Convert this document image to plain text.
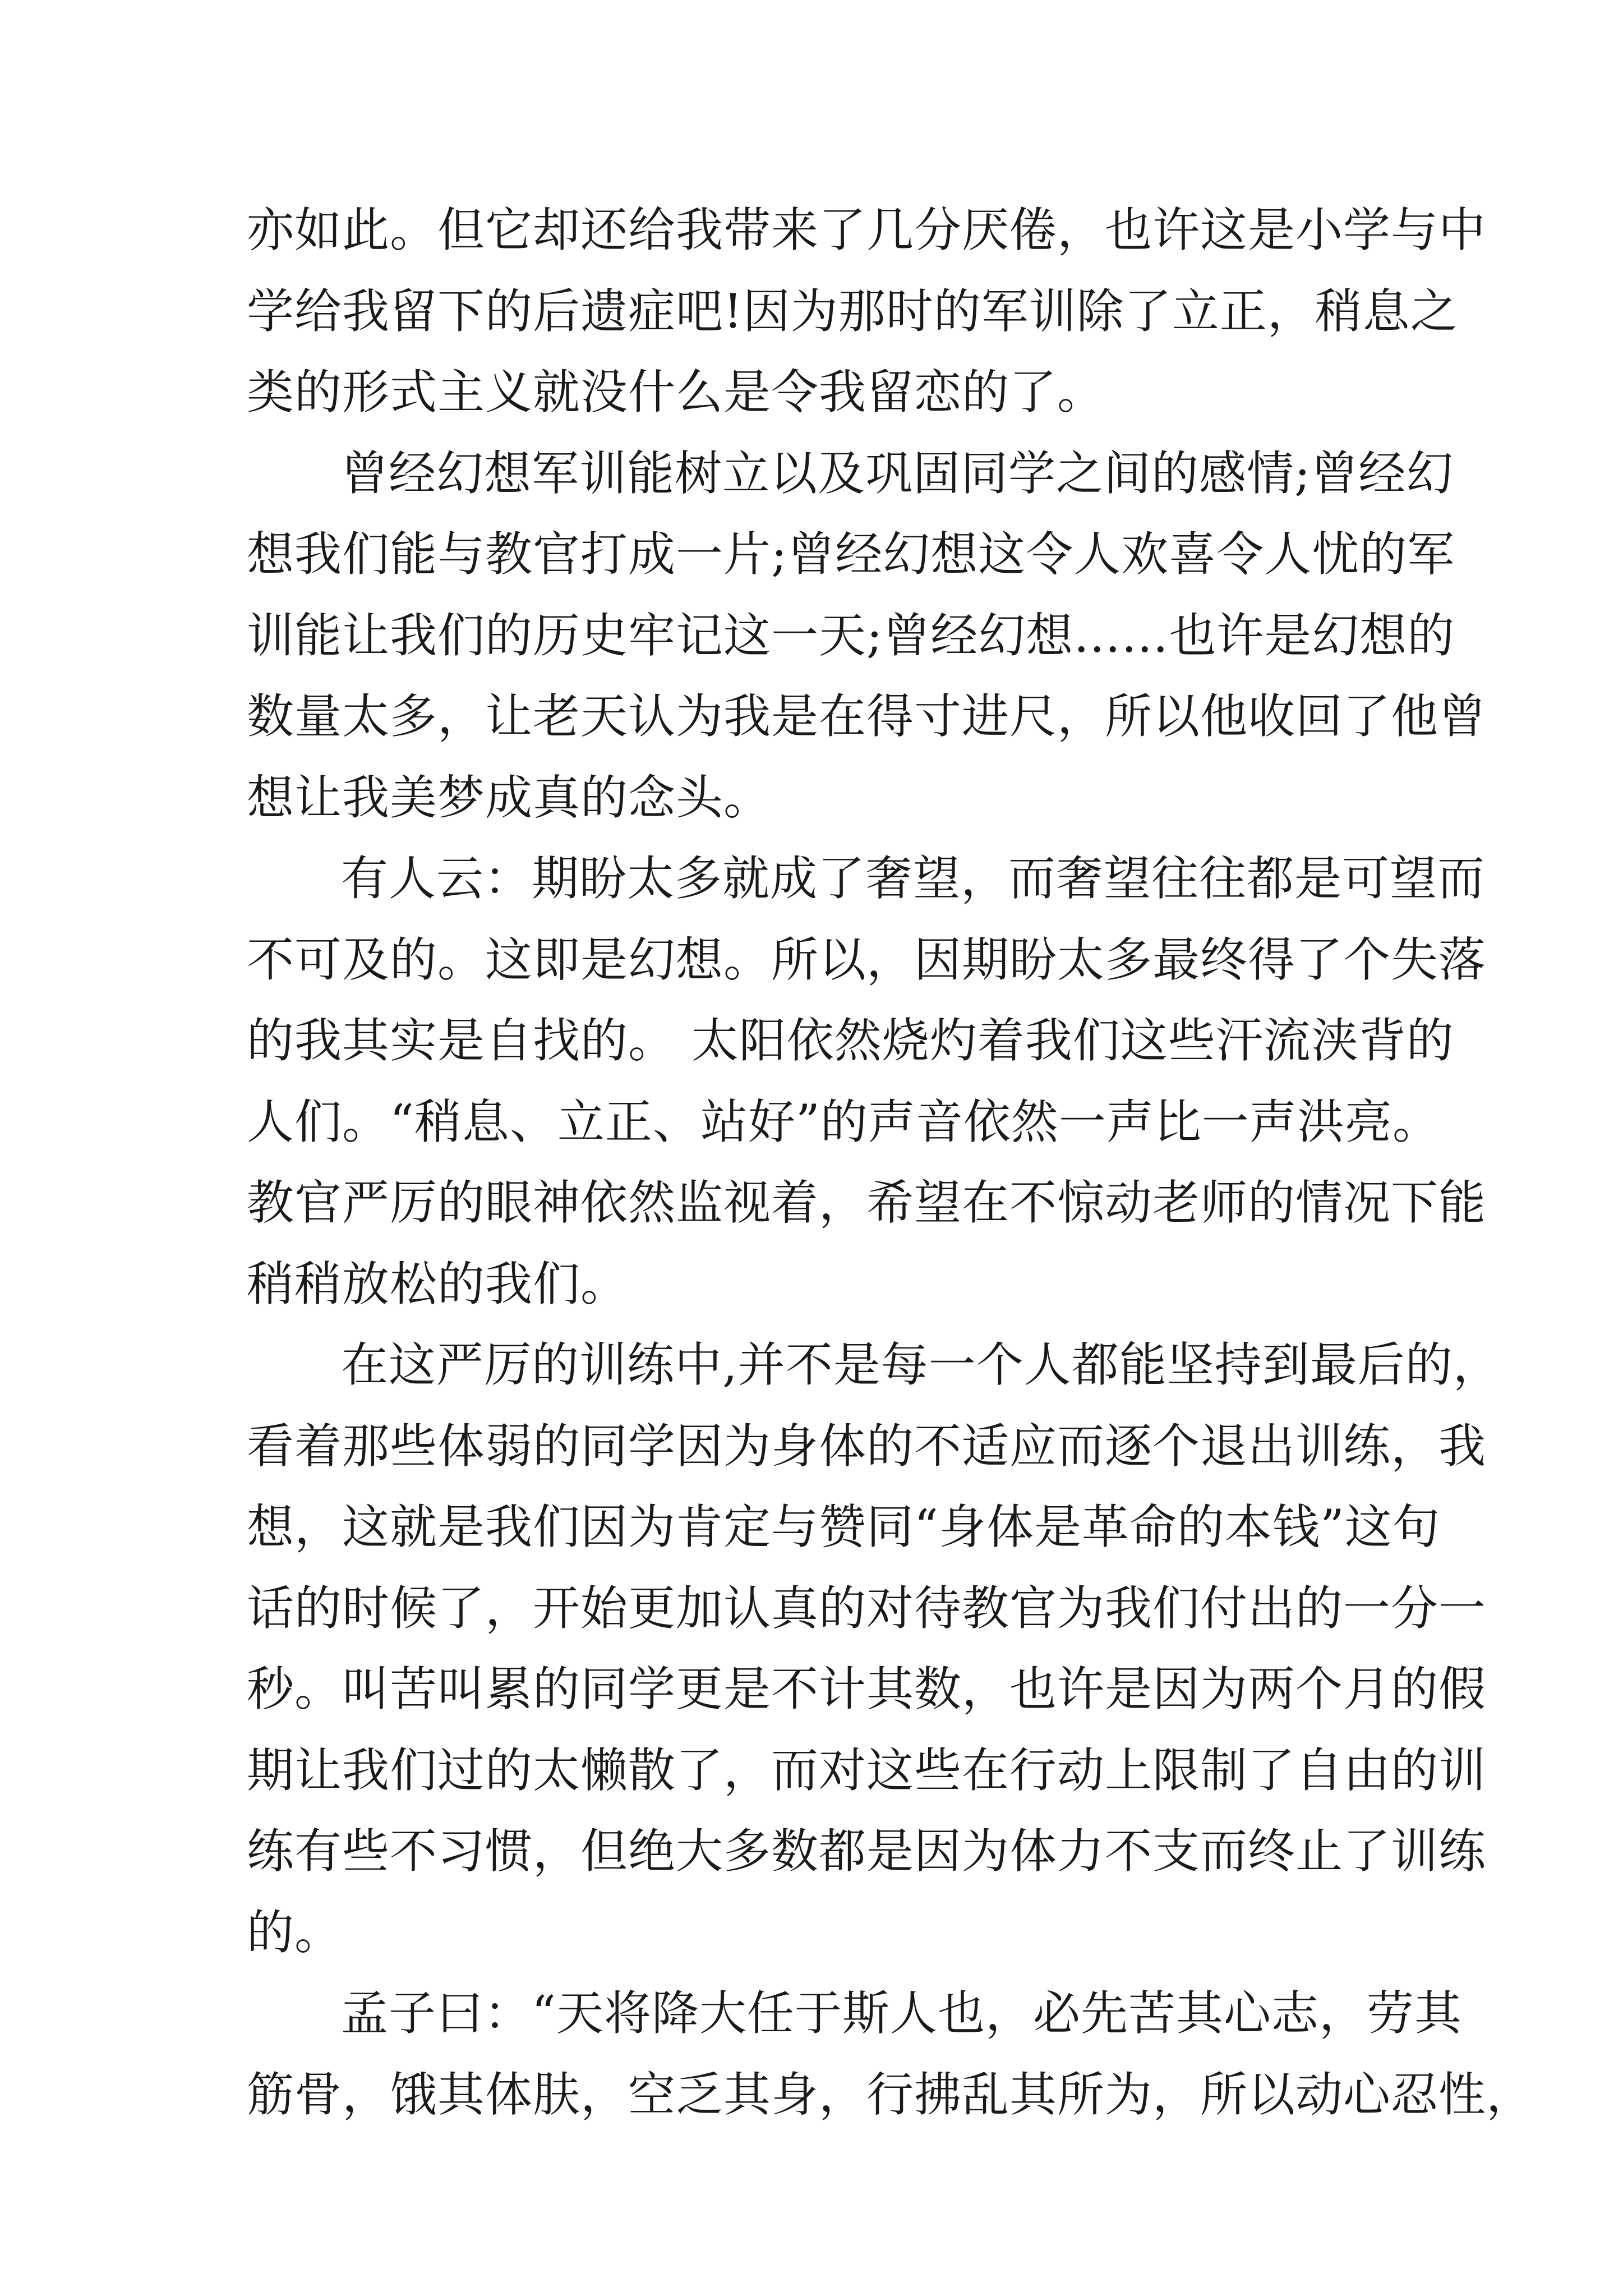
亦如此。但它却还给我带来了几分厌倦，也许这是小学与中
学给我留下的后遗症吧!因为那时的军训除了立正，稍息之
类的形式主义就没什么是令我留恋的了。

曾经幻想军训能树立以及巩固同学之间的感情;曾经幻
想我们能与教官打成一片;曾经幻想这令人欢喜令人忧的军
训能让我们的历史牢记这一天;曾经幻想……也许是幻想的
数量太多，让老天认为我是在得寸进尺，所以他收回了他曾
想让我美梦成真的念头。

有人云：期盼太多就成了奢望，而奢望往往都是可望而
不可及的。这即是幻想。所以，因期盼太多最终得了个失落
的我其实是自找的。 太阳依然烧灼着我们这些汗流浃背的
人们。“稍息、立正、站好”的声音依然一声比一声洪亮。
教官严厉的眼神依然监视着，希望在不惊动老师的情况下能
稍稍放松的我们。

在这严厉的训练中,并不是每一个人都能坚持到最后的，
看着那些体弱的同学因为身体的不适应而逐个退出训练，我
想，这就是我们因为肯定与赞同“身体是革命的本钱”这句
话的时候了，开始更加认真的对待教官为我们付出的一分一
秒。叫苦叫累的同学更是不计其数，也许是因为两个月的假
期让我们过的太懒散了，而对这些在行动上限制了自由的训
练有些不习惯，但绝大多数都是因为体力不支而终止了训练
的。

孟子曰：“天将降大任于斯人也，必先苦其心志，劳其
筋骨，饿其体肤，空乏其身，行拂乱其所为，所以动心忍性，
